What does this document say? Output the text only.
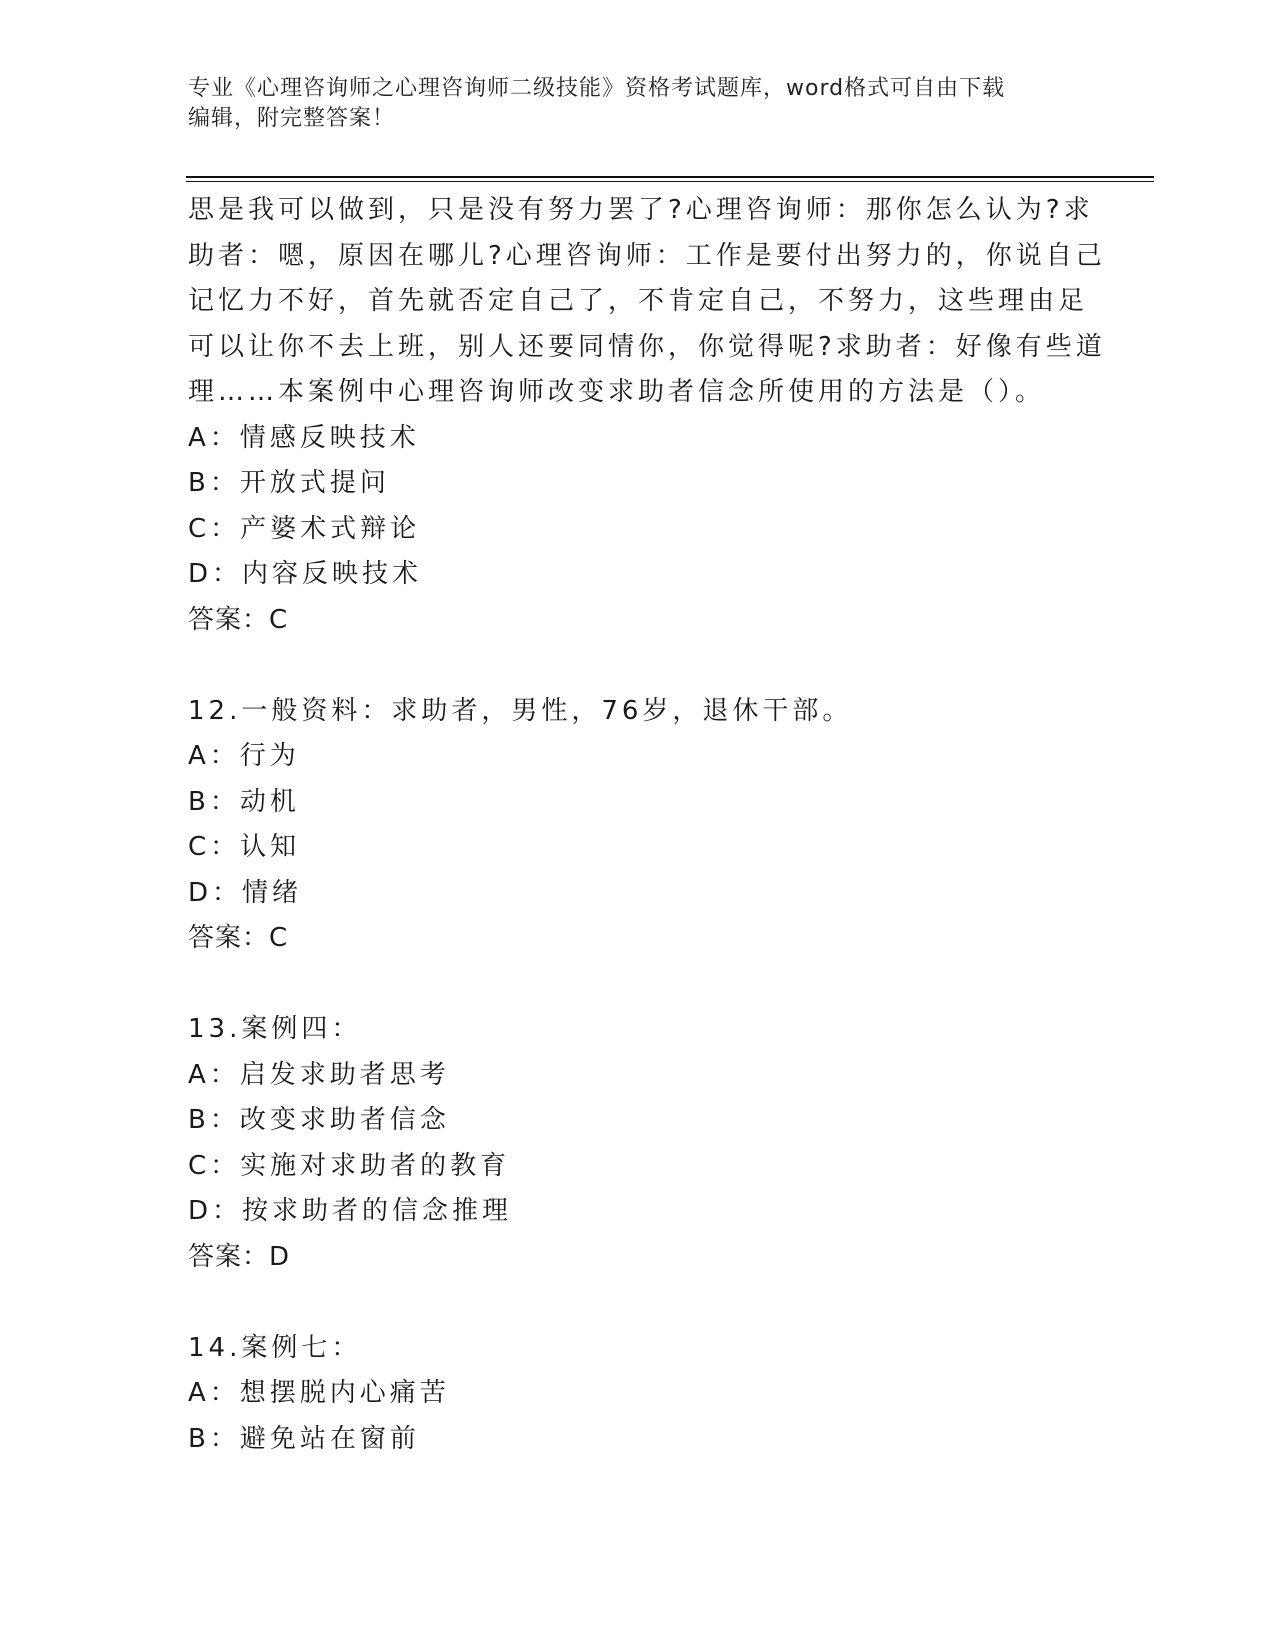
专业《心理咨询师之心理咨询师二级技能》资格考试题库，word格式可自由下载
编辑，附完整答案！
思是我可以做到，只是没有努力罢了?心理咨询师：那你怎么认为?求
助者：嗯，原因在哪儿?心理咨询师：工作是要付出努力的，你说自己
记忆力不好，首先就否定自己了，不肯定自己，不努力，这些理由足
可以让你不去上班，别人还要同情你，你觉得呢?求助者：好像有些道
理……本案例中心理咨询师改变求助者信念所使用的方法是（）。
A：情感反映技术
B：开放式提问
C：产婆术式辩论
D：内容反映技术
答案：C
12.一般资料：求助者，男性，76岁，退休干部。
A：行为
B：动机
C：认知
D：情绪
答案：C
13.案例四：
A：启发求助者思考
B：改变求助者信念
C：实施对求助者的教育
D：按求助者的信念推理
答案：D
14.案例七：
A：想摆脱内心痛苦
B：避免站在窗前
